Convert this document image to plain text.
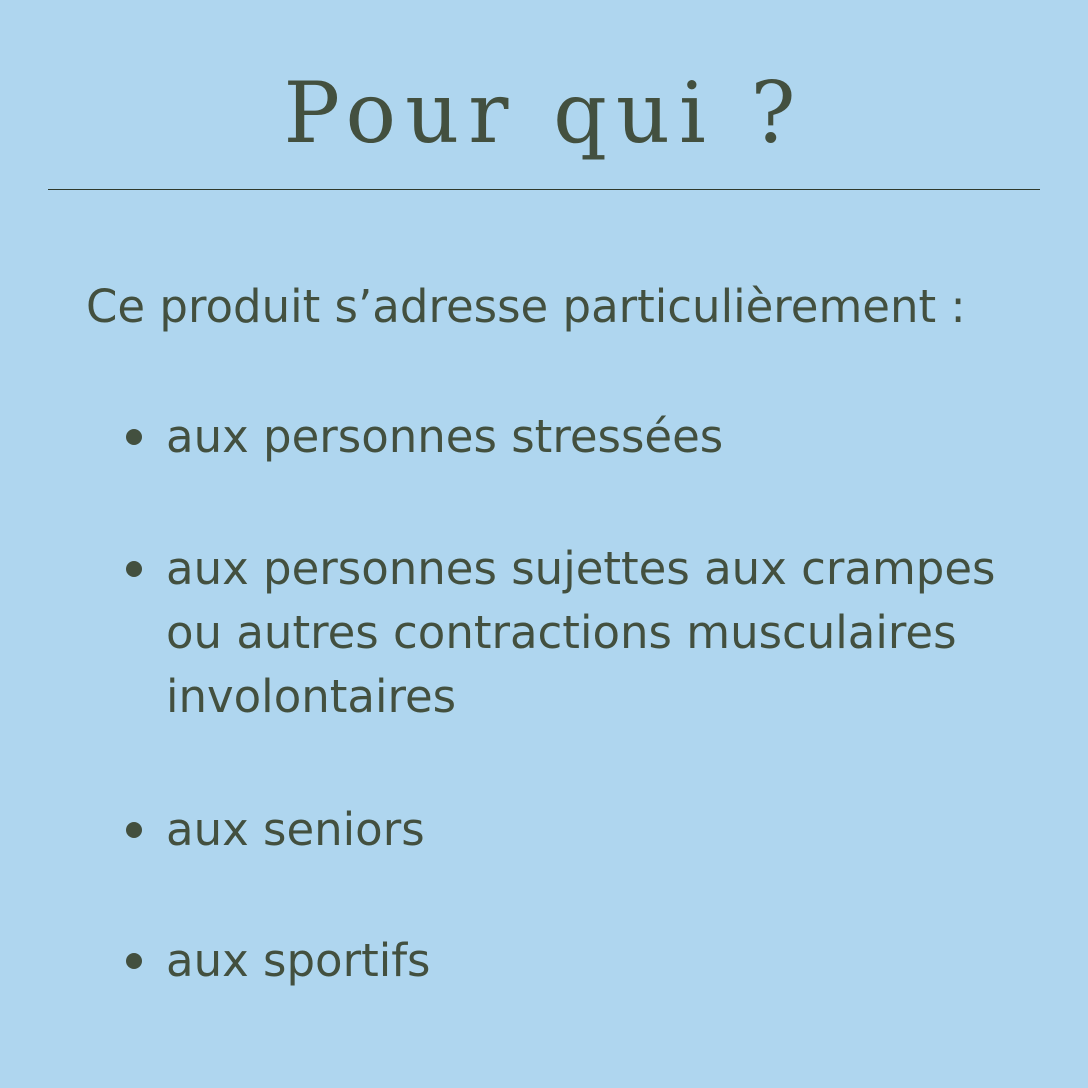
Pour qui ?

Ce produit s’adresse particulièrement :

aux personnes stressées
aux personnes sujettes aux crampes ou autres contractions musculaires involontaires
aux seniors
aux sportifs
